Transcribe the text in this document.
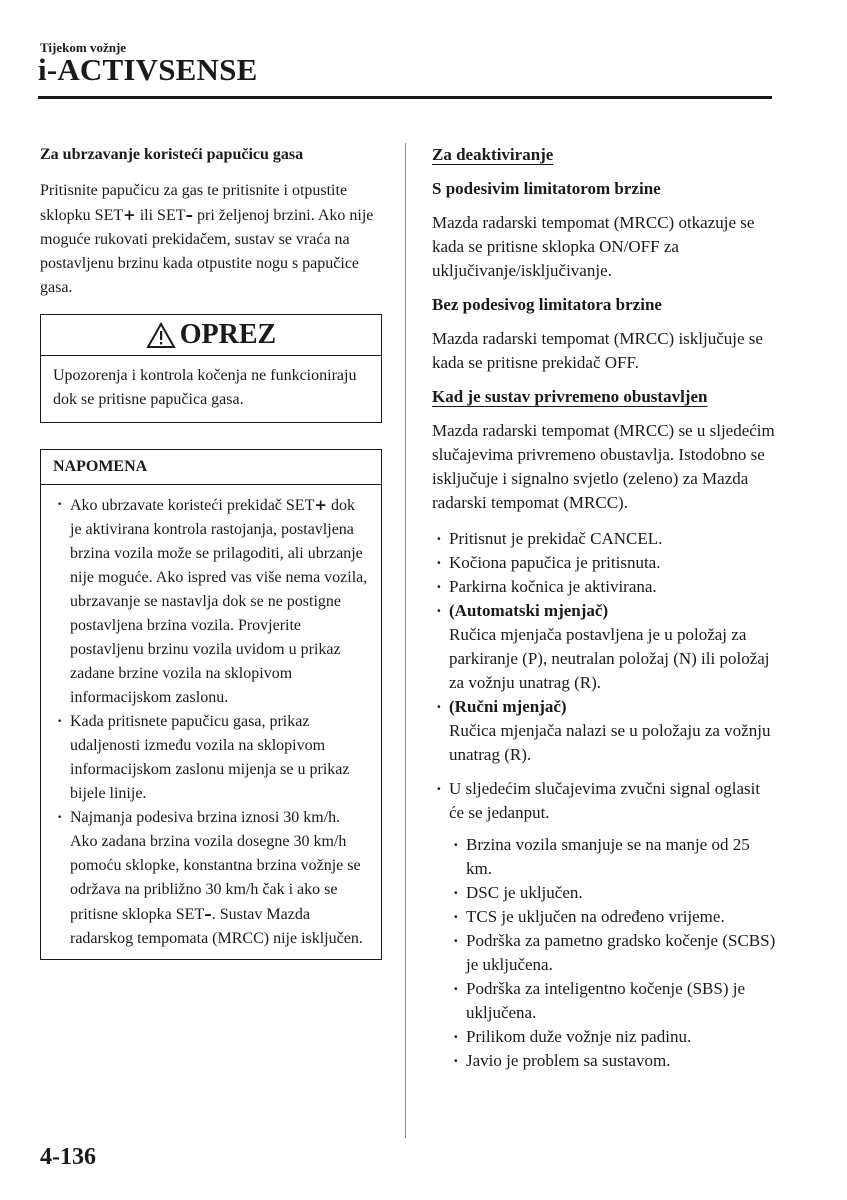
Tijekom vožnje
i-ACTIVSENSE

Za ubrzavanje koristeći papučicu gasa

Pritisnite papučicu za gas te pritisnite i otpustite sklopku SET+ ili SET– pri željenoj brzini. Ako nije moguće rukovati prekidačem, sustav se vraća na postavljenu brzinu kada otpustite nogu s papučice gasa.

OPREZ
Upozorenja i kontrola kočenja ne funkcioniraju dok se pritisne papučica gasa.
NAPOMENA
· Ako ubrzavate koristeći prekidač SET+ dok je aktivirana kontrola rastojanja, postavljena brzina vozila može se prilagoditi, ali ubrzanje nije moguće. Ako ispred vas više nema vozila, ubrzavanje se nastavlja dok se ne postigne postavljena brzina vozila. Provjerite postavljenu brzinu vozila uvidom u prikaz zadane brzine vozila na sklopivom informacijskom zaslonu.
· Kada pritisnete papučicu gasa, prikaz udaljenosti između vozila na sklopivom informacijskom zaslonu mijenja se u prikaz bijele linije.
· Najmanja podesiva brzina iznosi 30 km/h. Ako zadana brzina vozila dosegne 30 km/h pomoću sklopke, konstantna brzina vožnje se održava na približno 30 km/h čak i ako se pritisne sklopka SET–. Sustav Mazda radarskog tempomata (MRCC) nije isključen.

Za deaktiviranje

S podesivim limitatorom brzine

Mazda radarski tempomat (MRCC) otkazuje se kada se pritisne sklopka ON/OFF za uključivanje/isključivanje.

Bez podesivog limitatora brzine

Mazda radarski tempomat (MRCC) isključuje se kada se pritisne prekidač OFF.

Kad je sustav privremeno obustavljen

Mazda radarski tempomat (MRCC) se u sljedećim slučajevima privremeno obustavlja. Istodobno se isključuje i signalno svjetlo (zeleno) za Mazda radarski tempomat (MRCC).

· Pritisnut je prekidač CANCEL.
· Kočiona papučica je pritisnuta.
· Parkirna kočnica je aktivirana.
· (Automatski mjenjač)
Ručica mjenjača postavljena je u položaj za parkiranje (P), neutralan položaj (N) ili položaj za vožnju unatrag (R).
· (Ručni mjenjač)
Ručica mjenjača nalazi se u položaju za vožnju unatrag (R).
· U sljedećim slučajevima zvučni signal oglasit će se jedanput.
· Brzina vozila smanjuje se na manje od 25 km.
· DSC je uključen.
· TCS je uključen na određeno vrijeme.
· Podrška za pametno gradsko kočenje (SCBS) je uključena.
· Podrška za inteligentno kočenje (SBS) je uključena.
· Prilikom duže vožnje niz padinu.
· Javio je problem sa sustavom.
4-136
